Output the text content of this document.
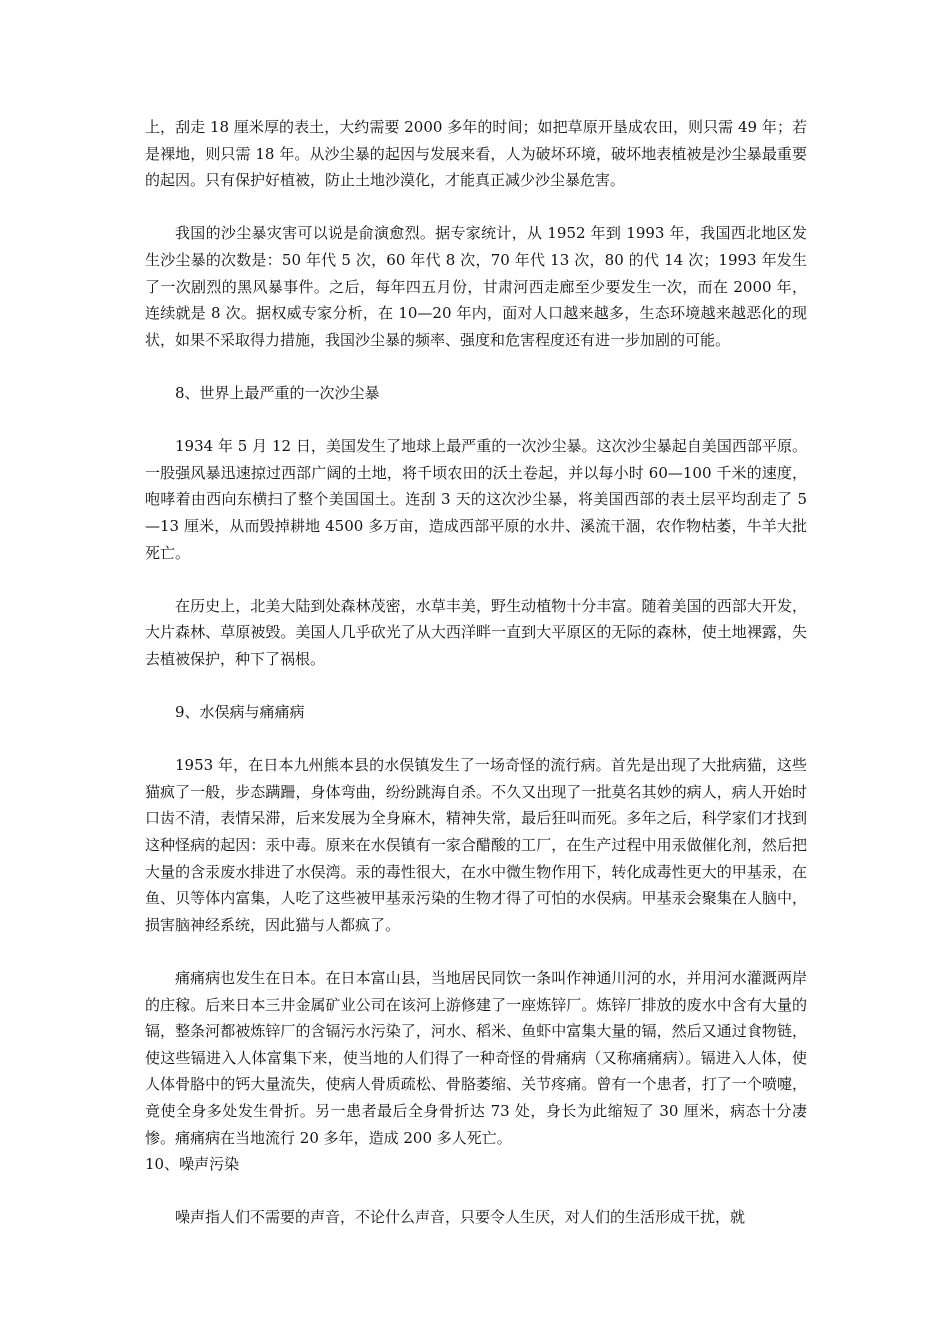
上，刮走 18 厘米厚的表土，大约需要 2000 多年的时间；如把草原开垦成农田，则只需 49 年；若是裸地，则只需 18 年。从沙尘暴的起因与发展来看，人为破坏环境，破坏地表植被是沙尘暴最重要的起因。只有保护好植被，防止土地沙漠化，才能真正减少沙尘暴危害。

我国的沙尘暴灾害可以说是俞演愈烈。据专家统计，从 1952 年到 1993 年，我国西北地区发生沙尘暴的次数是：50 年代 5 次，60 年代 8 次，70 年代 13 次，80 的代 14 次；1993 年发生了一次剧烈的黑风暴事件。之后，每年四五月份，甘肃河西走廊至少要发生一次，而在 2000 年，连续就是 8 次。据权威专家分析，在 10—20 年内，面对人口越来越多，生态环境越来越恶化的现状，如果不采取得力措施，我国沙尘暴的频率、强度和危害程度还有进一步加剧的可能。

8、世界上最严重的一次沙尘暴

1934 年 5 月 12 日，美国发生了地球上最严重的一次沙尘暴。这次沙尘暴起自美国西部平原。一股强风暴迅速掠过西部广阔的土地，将千顷农田的沃土卷起，并以每小时 60—100 千米的速度，咆哮着由西向东横扫了整个美国国土。连刮 3 天的这次沙尘暴，将美国西部的表土层平均刮走了 5—13 厘米，从而毁掉耕地 4500 多万亩，造成西部平原的水井、溪流干涸，农作物枯萎，牛羊大批死亡。

在历史上，北美大陆到处森林茂密，水草丰美，野生动植物十分丰富。随着美国的西部大开发，大片森林、草原被毁。美国人几乎砍光了从大西洋畔一直到大平原区的无际的森林，使土地裸露，失去植被保护，种下了祸根。

9、水俣病与痛痛病

1953 年，在日本九州熊本县的水俣镇发生了一场奇怪的流行病。首先是出现了大批病猫，这些猫疯了一般，步态蹒跚，身体弯曲，纷纷跳海自杀。不久又出现了一批莫名其妙的病人，病人开始时口齿不清，表情呆滞，后来发展为全身麻木，精神失常，最后狂叫而死。多年之后，科学家们才找到这种怪病的起因：汞中毒。原来在水俣镇有一家合醋酸的工厂，在生产过程中用汞做催化剂，然后把大量的含汞废水排进了水俣湾。汞的毒性很大，在水中微生物作用下，转化成毒性更大的甲基汞，在鱼、贝等体内富集，人吃了这些被甲基汞污染的生物才得了可怕的水俣病。甲基汞会聚集在人脑中，损害脑神经系统，因此猫与人都疯了。

痛痛病也发生在日本。在日本富山县，当地居民同饮一条叫作神通川河的水，并用河水灌溉两岸的庄稼。后来日本三井金属矿业公司在该河上游修建了一座炼锌厂。炼锌厂排放的废水中含有大量的镉，整条河都被炼锌厂的含镉污水污染了，河水、稻米、鱼虾中富集大量的镉，然后又通过食物链，使这些镉进入人体富集下来，使当地的人们得了一种奇怪的骨痛病（又称痛痛病）。镉进入人体，使人体骨胳中的钙大量流失，使病人骨质疏松、骨胳萎缩、关节疼痛。曾有一个患者，打了一个喷嚏，竟使全身多处发生骨折。另一患者最后全身骨折达 73 处，身长为此缩短了 30 厘米，病态十分凄惨。痛痛病在当地流行 20 多年，造成 200 多人死亡。

10、噪声污染

噪声指人们不需要的声音，不论什么声音，只要令人生厌，对人们的生活形成干扰，就
